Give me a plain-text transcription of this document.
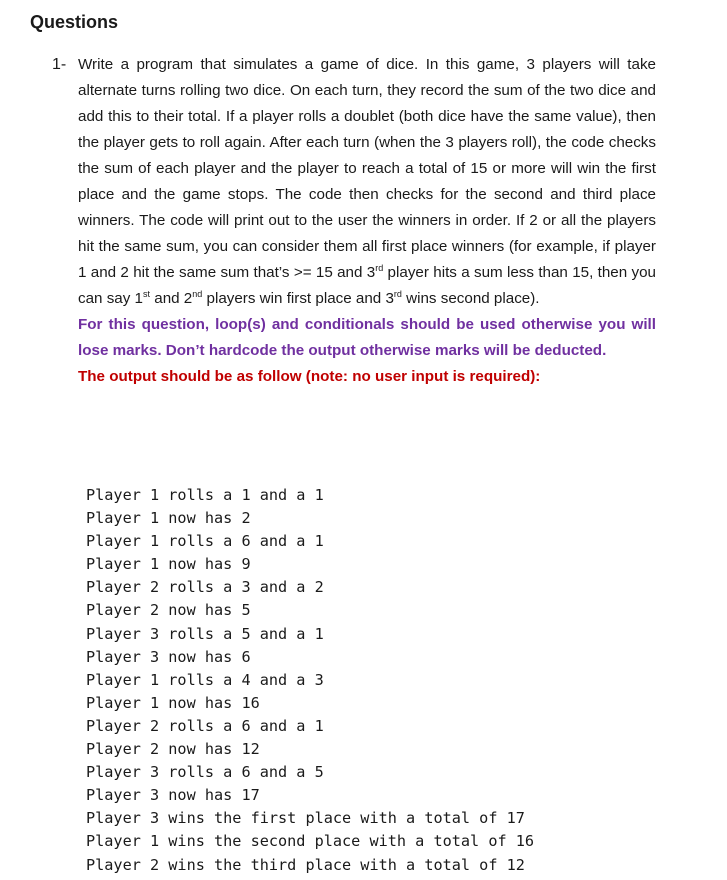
Questions
1- Write a program that simulates a game of dice. In this game, 3 players will take alternate turns rolling two dice. On each turn, they record the sum of the two dice and add this to their total. If a player rolls a doublet (both dice have the same value), then the player gets to roll again. After each turn (when the 3 players roll), the code checks the sum of each player and the player to reach a total of 15 or more will win the first place and the game stops. The code then checks for the second and third place winners. The code will print out to the user the winners in order. If 2 or all the players hit the same sum, you can consider them all first place winners (for example, if player 1 and 2 hit the same sum that’s >= 15 and 3rd player hits a sum less than 15, then you can say 1st and 2nd players win first place and 3rd wins second place).

For this question, loop(s) and conditionals should be used otherwise you will lose marks. Don’t hardcode the output otherwise marks will be deducted.

The output should be as follow (note: no user input is required):

Player 1 rolls a 1 and a 1
Player 1 now has 2
Player 1 rolls a 6 and a 1
Player 1 now has 9
Player 2 rolls a 3 and a 2
Player 2 now has 5
Player 3 rolls a 5 and a 1
Player 3 now has 6
Player 1 rolls a 4 and a 3
Player 1 now has 16
Player 2 rolls a 6 and a 1
Player 2 now has 12
Player 3 rolls a 6 and a 5
Player 3 now has 17
Player 3 wins the first place with a total of 17
Player 1 wins the second place with a total of 16
Player 2 wins the third place with a total of 12
